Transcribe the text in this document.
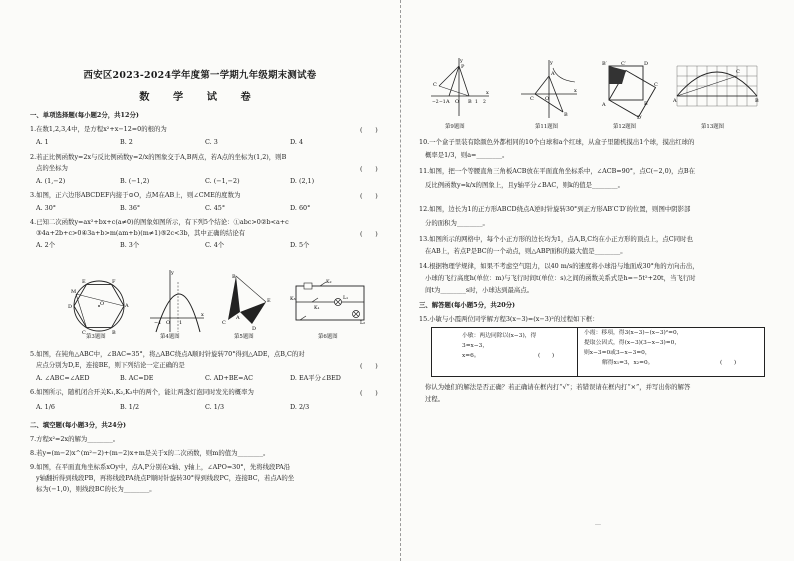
西安区2023-2024学年度第一学期九年级期末测试卷
数 学 试 卷
一、单项选择题(每小题2分，共12分)
1.在数1,2,3,4中，是方程x²+x−12=0的根的为	(　　)
A. 1	B. 2	C. 3	D. 4
2.若正比例函数y=2x与反比例函数y=2/x的图象交于A,B两点，若A点的坐标为(1,2)，则B
点的坐标为	(　　)
A. (1,−2)	B. (−1,2)	C. (−1,−2)	D. (2,1)
3.如图，正六边形ABCDEF内接于⊙O，点M在AB上，则∠CME的度数为	(　　)
A. 30°	B. 36°	C. 45°	D. 60°
4.已知二次函数y=ax²+bx+c(a≠0)的图象如图所示，有下列5个结论：①abc>0②b<a+c
③4a+2b+c>0④3a+b>m(am+b)(m≠1)⑤2c<3b，其中正确的结论有	(　　)
A. 2个	B. 3个	C. 4个	D. 5个
F
A
B
C
D
E
M
O
第3题图
y
x
O 1
−1
第4题图
B
C
A
E
D
第5题图
K₂
K₁
K₃	L₁
L₂
第6题图
5.如图，在钝角△ABC中，∠BAC=35°，将△ABC绕点A顺时针旋转70°得到△ADE，点B,C的对
应点分别为D,E，连接BE，则下列结论一定正确的是	(　　)
A. ∠ABC=∠AED	B. AC=DE	C. AD+BE=AC	D. EA平分∠BED
6.如图所示，随机闭合开关K₁,K₂,K₃中的两个，能让两盏灯泡同时发光的概率为	(　　)
A. 1/6	B. 1/2	C. 1/3	D. 2/3
二、填空题(每小题3分，共24分)
7.方程x²=2x的解为________。
8.若y=(m−2)x^(m²−2)+(m−2)x+m是关于x的二次函数，则m的值为________。
9.如图，在平面直角坐标系xOy中，点A,P分别在x轴、y轴上，∠APO=30°，先将线段PA沿
y轴翻折得到线段PB，再将线段PA绕点P顺时针旋转30°得到线段PC，连接BC，若点A的坐
标为(−1,0)，则线段BC的长为________。
y
P
C
A O B
x
−2 −1	1 2
第9题图
y
x
A
B
C O
第11题图
B′	C′
A
D
B
C
D′
第12题图
A	B
C
第13题图
10.一个盒子里装有除颜色外都相同的10个白球和a个红球，从盒子里随机摸出1个球，摸出红球的
概率是1/3，则a=________。
11.如图，把一个等腰直角三角板ACB放在平面直角坐标系中，∠ACB=90°，点C(−2,0)，点B在
反比例函数y=k/x的图象上，且y轴平分∠BAC，则k的值是________。
12.如图，边长为1的正方形ABCD绕点A逆时针旋转30°到正方形AB′C′D′的位置，则图中阴影部
分的面积为________。
13.如图所示的网格中，每个小正方形的边长均为1，点A,B,C均在小正方形的顶点上，点C同时也
在AB上，若点P是BC的一个动点，则△ABP面积的最大值是________。
14.根据物理学规律，如果不考虑空气阻力，以40 m/s的速度将小球沿与地面成30°角的方向击出，
小球的飞行高度h(单位：m)与飞行时间t(单位：s)之间的函数关系式是h=−5t²+20t，当飞行时
间t为________s时，小球达到最高点。
三、解答题(每小题5分，共20分)
15.小敏与小霞两位同学解方程3(x−3)=(x−3)²的过程如下框：
小敏：两边同除以(x−3)，得
3=x−3，
x=6。	(　　)
小霞：移项，得3(x−3)−(x−3)²=0，
提取公因式，得(x−3)(3−x−3)=0，
则x−3=0或3−x−3=0，
解得x₁=3，x₂=0。	(　　)
你认为她们的解法是否正确？若正确请在框内打“√”；若错误请在框内打“×”，并写出你的解答
过程。
—
